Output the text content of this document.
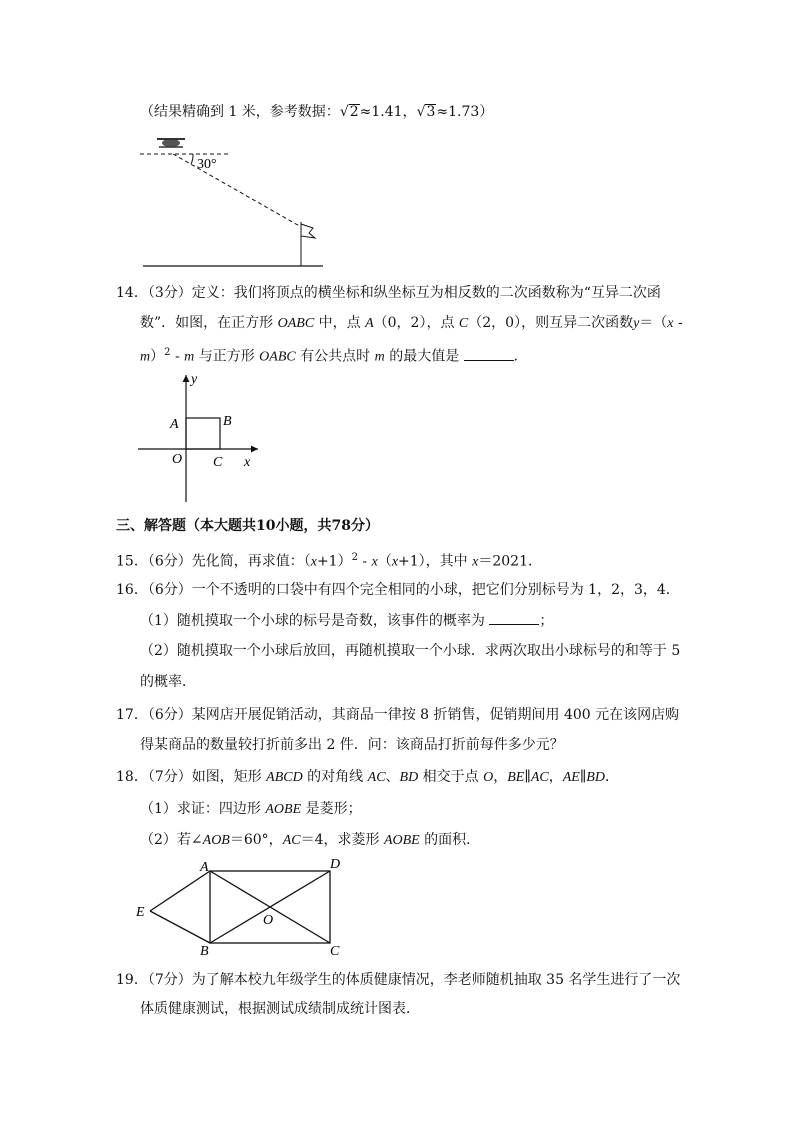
（结果精确到 1 米，参考数据：√2≈1.41，√3≈1.73）
30°
14．（3分）定义：我们将顶点的横坐标和纵坐标互为相反数的二次函数称为“互异二次函
数”．如图，在正方形 OABC 中，点 A（0，2），点 C（2，0），则互异二次函数y＝（x -
m）$^2$ - m 与正方形 OABC 有公共点时 m 的最大值是	．
y
A	B
O C x
三、解答题（本大题共10小题，共78分）
15．（6分）先化简，再求值：$(x+1)^2 - x(x+1)$，其中 x＝2021．
16．（6分）一个不透明的口袋中有四个完全相同的小球，把它们分别标号为 1，2，3，4．
（1）随机摸取一个小球的标号是奇数，该事件的概率为	；
（2）随机摸取一个小球后放回，再随机摸取一个小球．求两次取出小球标号的和等于 5
的概率．
17．（6分）某网店开展促销活动，其商品一律按 8 折销售，促销期间用 400 元在该网店购
得某商品的数量较打折前多出 2 件．问：该商品打折前每件多少元？
18．（7分）如图，矩形 ABCD 的对角线 AC、BD 相交于点 O，BE∥AC，AE∥BD．
（1）求证：四边形 AOBE 是菱形；
（2）若∠AOB＝60°，AC＝4，求菱形 AOBE 的面积．
A	D
E
O
B	C
19．（7分）为了解本校九年级学生的体质健康情况，李老师随机抽取 35 名学生进行了一次
体质健康测试，根据测试成绩制成统计图表．
